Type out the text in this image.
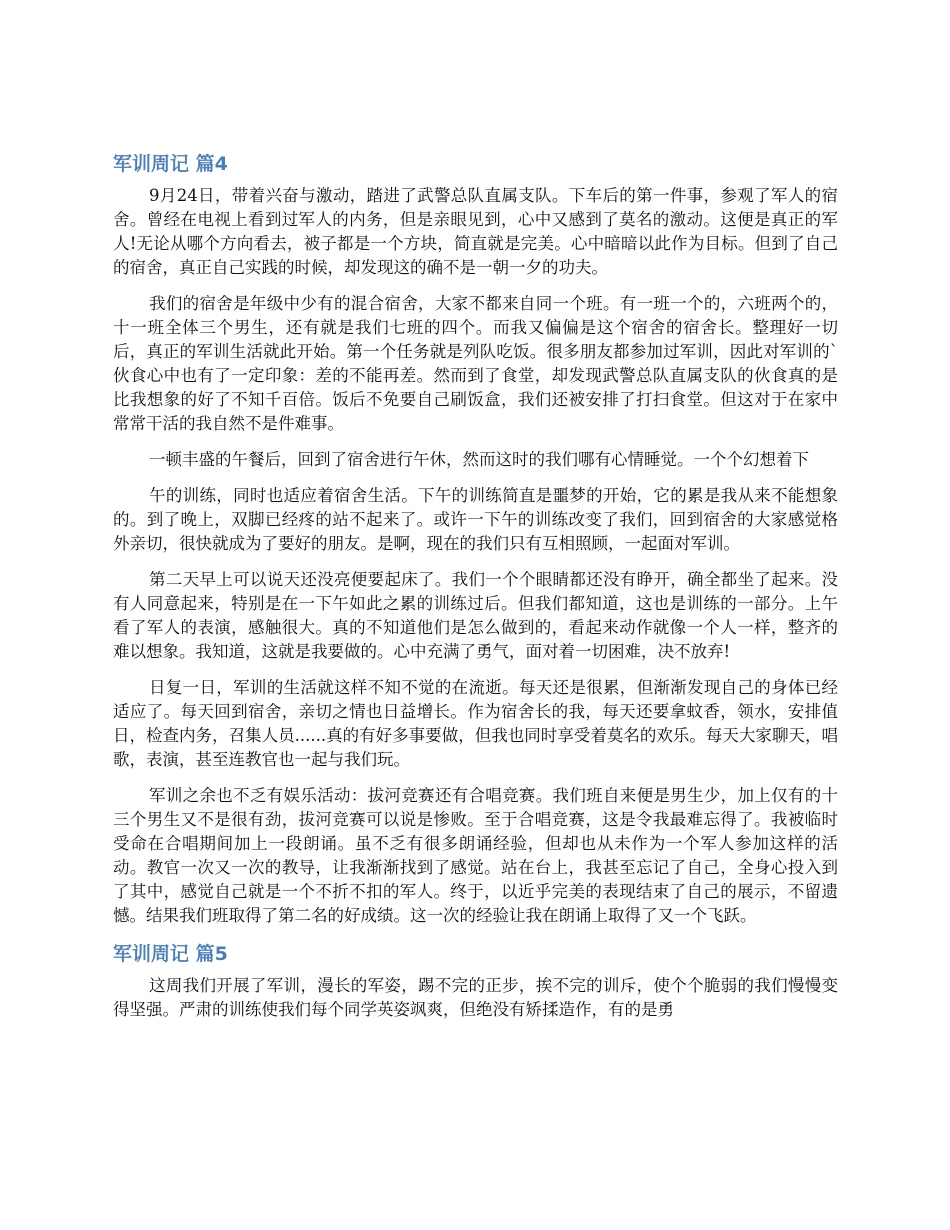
军训周记 篇4

9月24日，带着兴奋与激动，踏进了武警总队直属支队。下车后的第一件事，参观了军人的宿舍。曾经在电视上看到过军人的内务，但是亲眼见到，心中又感到了莫名的激动。这便是真正的军人!无论从哪个方向看去，被子都是一个方块，简直就是完美。心中暗暗以此作为目标。但到了自己的宿舍，真正自己实践的时候，却发现这的确不是一朝一夕的功夫。

我们的宿舍是年级中少有的混合宿舍，大家不都来自同一个班。有一班一个的，六班两个的，十一班全体三个男生，还有就是我们七班的四个。而我又偏偏是这个宿舍的宿舍长。整理好一切后，真正的军训生活就此开始。第一个任务就是列队吃饭。很多朋友都参加过军训，因此对军训的`伙食心中也有了一定印象：差的不能再差。然而到了食堂，却发现武警总队直属支队的伙食真的是比我想象的好了不知千百倍。饭后不免要自己刷饭盒，我们还被安排了打扫食堂。但这对于在家中常常干活的我自然不是件难事。

一顿丰盛的午餐后，回到了宿舍进行午休，然而这时的我们哪有心情睡觉。一个个幻想着下

午的训练，同时也适应着宿舍生活。下午的训练简直是噩梦的开始，它的累是我从来不能想象的。到了晚上，双脚已经疼的站不起来了。或许一下午的训练改变了我们，回到宿舍的大家感觉格外亲切，很快就成为了要好的朋友。是啊，现在的我们只有互相照顾，一起面对军训。

第二天早上可以说天还没亮便要起床了。我们一个个眼睛都还没有睁开，确全都坐了起来。没有人同意起来，特别是在一下午如此之累的训练过后。但我们都知道，这也是训练的一部分。上午看了军人的表演，感触很大。真的不知道他们是怎么做到的，看起来动作就像一个人一样，整齐的难以想象。我知道，这就是我要做的。心中充满了勇气，面对着一切困难，决不放弃!

日复一日，军训的生活就这样不知不觉的在流逝。每天还是很累，但渐渐发现自己的身体已经适应了。每天回到宿舍，亲切之情也日益增长。作为宿舍长的我，每天还要拿蚊香，领水，安排值日，检查内务，召集人员......真的有好多事要做，但我也同时享受着莫名的欢乐。每天大家聊天，唱歌，表演，甚至连教官也一起与我们玩。

军训之余也不乏有娱乐活动：拔河竞赛还有合唱竞赛。我们班自来便是男生少，加上仅有的十三个男生又不是很有劲，拔河竞赛可以说是惨败。至于合唱竞赛，这是令我最难忘得了。我被临时受命在合唱期间加上一段朗诵。虽不乏有很多朗诵经验，但却也从未作为一个军人参加这样的活动。教官一次又一次的教导，让我渐渐找到了感觉。站在台上，我甚至忘记了自己，全身心投入到了其中，感觉自己就是一个不折不扣的军人。终于，以近乎完美的表现结束了自己的展示，不留遗憾。结果我们班取得了第二名的好成绩。这一次的经验让我在朗诵上取得了又一个飞跃。

军训周记 篇5

这周我们开展了军训，漫长的军姿，踢不完的正步，挨不完的训斥，使个个脆弱的我们慢慢变得坚强。严肃的训练使我们每个同学英姿飒爽，但绝没有矫揉造作，有的是勇
